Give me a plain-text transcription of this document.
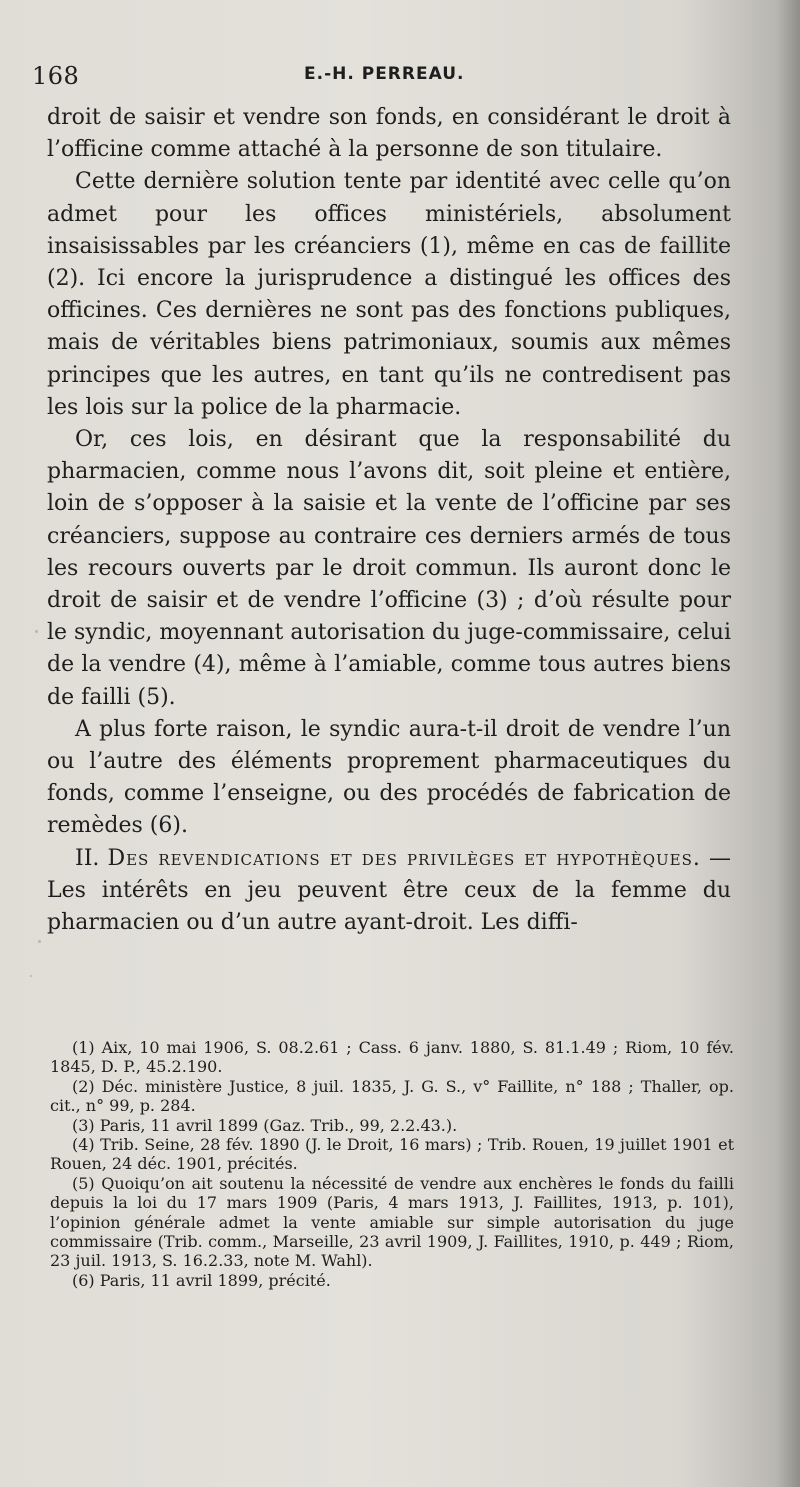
168	E.-H. PERREAU.

droit de saisir et vendre son fonds, en considérant le droit à l’officine comme attaché à la personne de son titulaire.

Cette dernière solution tente par identité avec celle qu’on admet pour les offices ministériels, absolument insaisissables par les créanciers (1), même en cas de faillite (2). Ici encore la jurisprudence a distingué les offices des officines. Ces dernières ne sont pas des fonctions publiques, mais de véritables biens patrimoniaux, soumis aux mêmes principes que les autres, en tant qu’ils ne contredisent pas les lois sur la police de la pharmacie.

Or, ces lois, en désirant que la responsabilité du pharmacien, comme nous l’avons dit, soit pleine et entière, loin de s’opposer à la saisie et la vente de l’officine par ses créanciers, suppose au contraire ces derniers armés de tous les recours ouverts par le droit commun. Ils auront donc le droit de saisir et de vendre l’officine (3) ; d’où résulte pour le syndic, moyennant autorisation du juge-commissaire, celui de la vendre (4), même à l’amiable, comme tous autres biens de failli (5).

A plus forte raison, le syndic aura-t-il droit de vendre l’un ou l’autre des éléments proprement pharmaceutiques du fonds, comme l’enseigne, ou des procédés de fabrication de remèdes (6).

II. Des revendications et des privilèges et hypothèques. — Les intérêts en jeu peuvent être ceux de la femme du pharmacien ou d’un autre ayant-droit. Les diffi-

(1) Aix, 10 mai 1906, S. 08.2.61 ; Cass. 6 janv. 1880, S. 81.1.49 ; Riom, 10 fév. 1845, D. P., 45.2.190.

(2) Déc. ministère Justice, 8 juil. 1835, J. G. S., v° Faillite, n° 188 ; Thaller, op. cit., n° 99, p. 284.

(3) Paris, 11 avril 1899 (Gaz. Trib., 99, 2.2.43.).

(4) Trib. Seine, 28 fév. 1890 (J. le Droit, 16 mars) ; Trib. Rouen, 19 juillet 1901 et Rouen, 24 déc. 1901, précités.

(5) Quoiqu’on ait soutenu la nécessité de vendre aux enchères le fonds du failli depuis la loi du 17 mars 1909 (Paris, 4 mars 1913, J. Faillites, 1913, p. 101), l’opinion générale admet la vente amiable sur simple autorisation du juge commissaire (Trib. comm., Marseille, 23 avril 1909, J. Faillites, 1910, p. 449 ; Riom, 23 juil. 1913, S. 16.2.33, note M. Wahl).

(6) Paris, 11 avril 1899, précité.
